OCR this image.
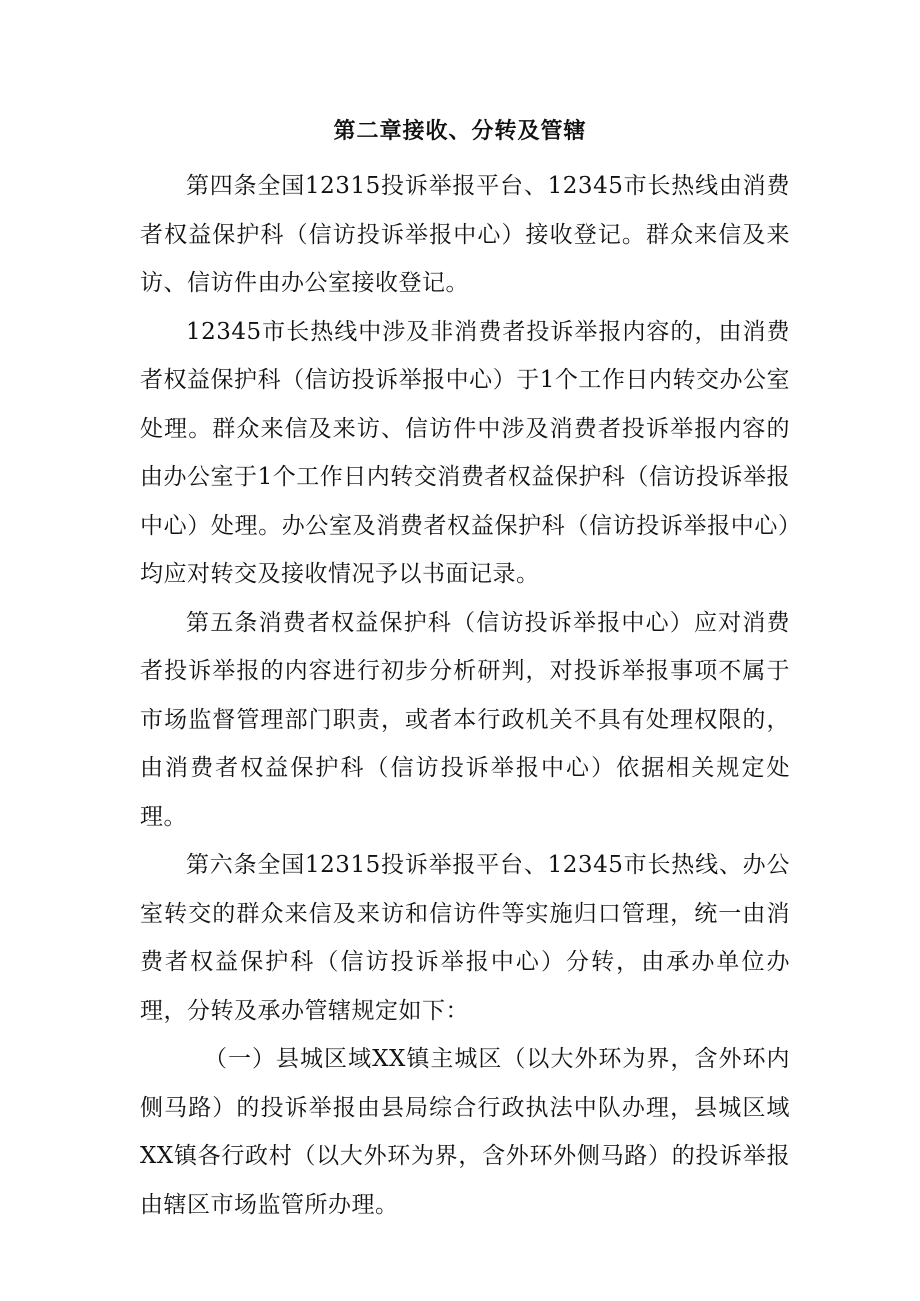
第二章接收、分转及管辖

第四条全国12315投诉举报平台、12345市长热线由消费者权益保护科（信访投诉举报中心）接收登记。群众来信及来访、信访件由办公室接收登记。

12345市长热线中涉及非消费者投诉举报内容的，由消费者权益保护科（信访投诉举报中心）于1个工作日内转交办公室处理。群众来信及来访、信访件中涉及消费者投诉举报内容的由办公室于1个工作日内转交消费者权益保护科（信访投诉举报中心）处理。办公室及消费者权益保护科（信访投诉举报中心）均应对转交及接收情况予以书面记录。

第五条消费者权益保护科（信访投诉举报中心）应对消费者投诉举报的内容进行初步分析研判，对投诉举报事项不属于市场监督管理部门职责，或者本行政机关不具有处理权限的，由消费者权益保护科（信访投诉举报中心）依据相关规定处理。

第六条全国12315投诉举报平台、12345市长热线、办公室转交的群众来信及来访和信访件等实施归口管理，统一由消费者权益保护科（信访投诉举报中心）分转，由承办单位办理，分转及承办管辖规定如下：

（一）县城区域XX镇主城区（以大外环为界，含外环内侧马路）的投诉举报由县局综合行政执法中队办理，县城区域XX镇各行政村（以大外环为界，含外环外侧马路）的投诉举报由辖区市场监管所办理。
